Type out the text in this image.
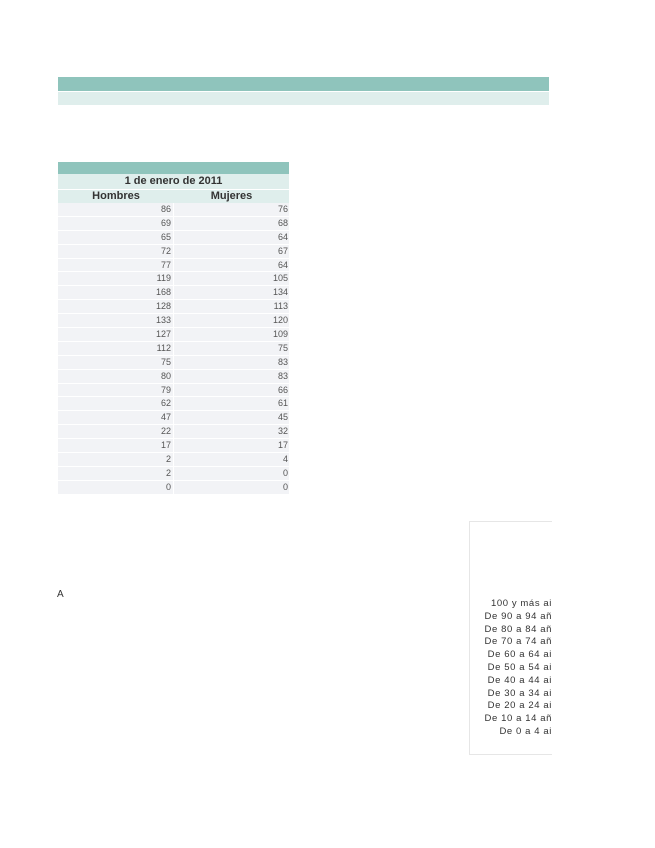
1 de enero de 2011
Hombres	Mujeres
86	76
69	68
65	64
72	67
77	64
119	105
168	134
128	113
133	120
127	109
112	75
75	83
80	83
79	66
62	61
47	45
22	32
17	17
2	4
2	0
0	0
A
100 y más ai
De 90 a 94 añ
De 80 a 84 añ
De 70 a 74 añ
De 60 a 64 ai
De 50 a 54 ai
De 40 a 44 ai
De 30 a 34 ai
De 20 a 24 ai
De 10 a 14 añ
De 0 a 4 ai
